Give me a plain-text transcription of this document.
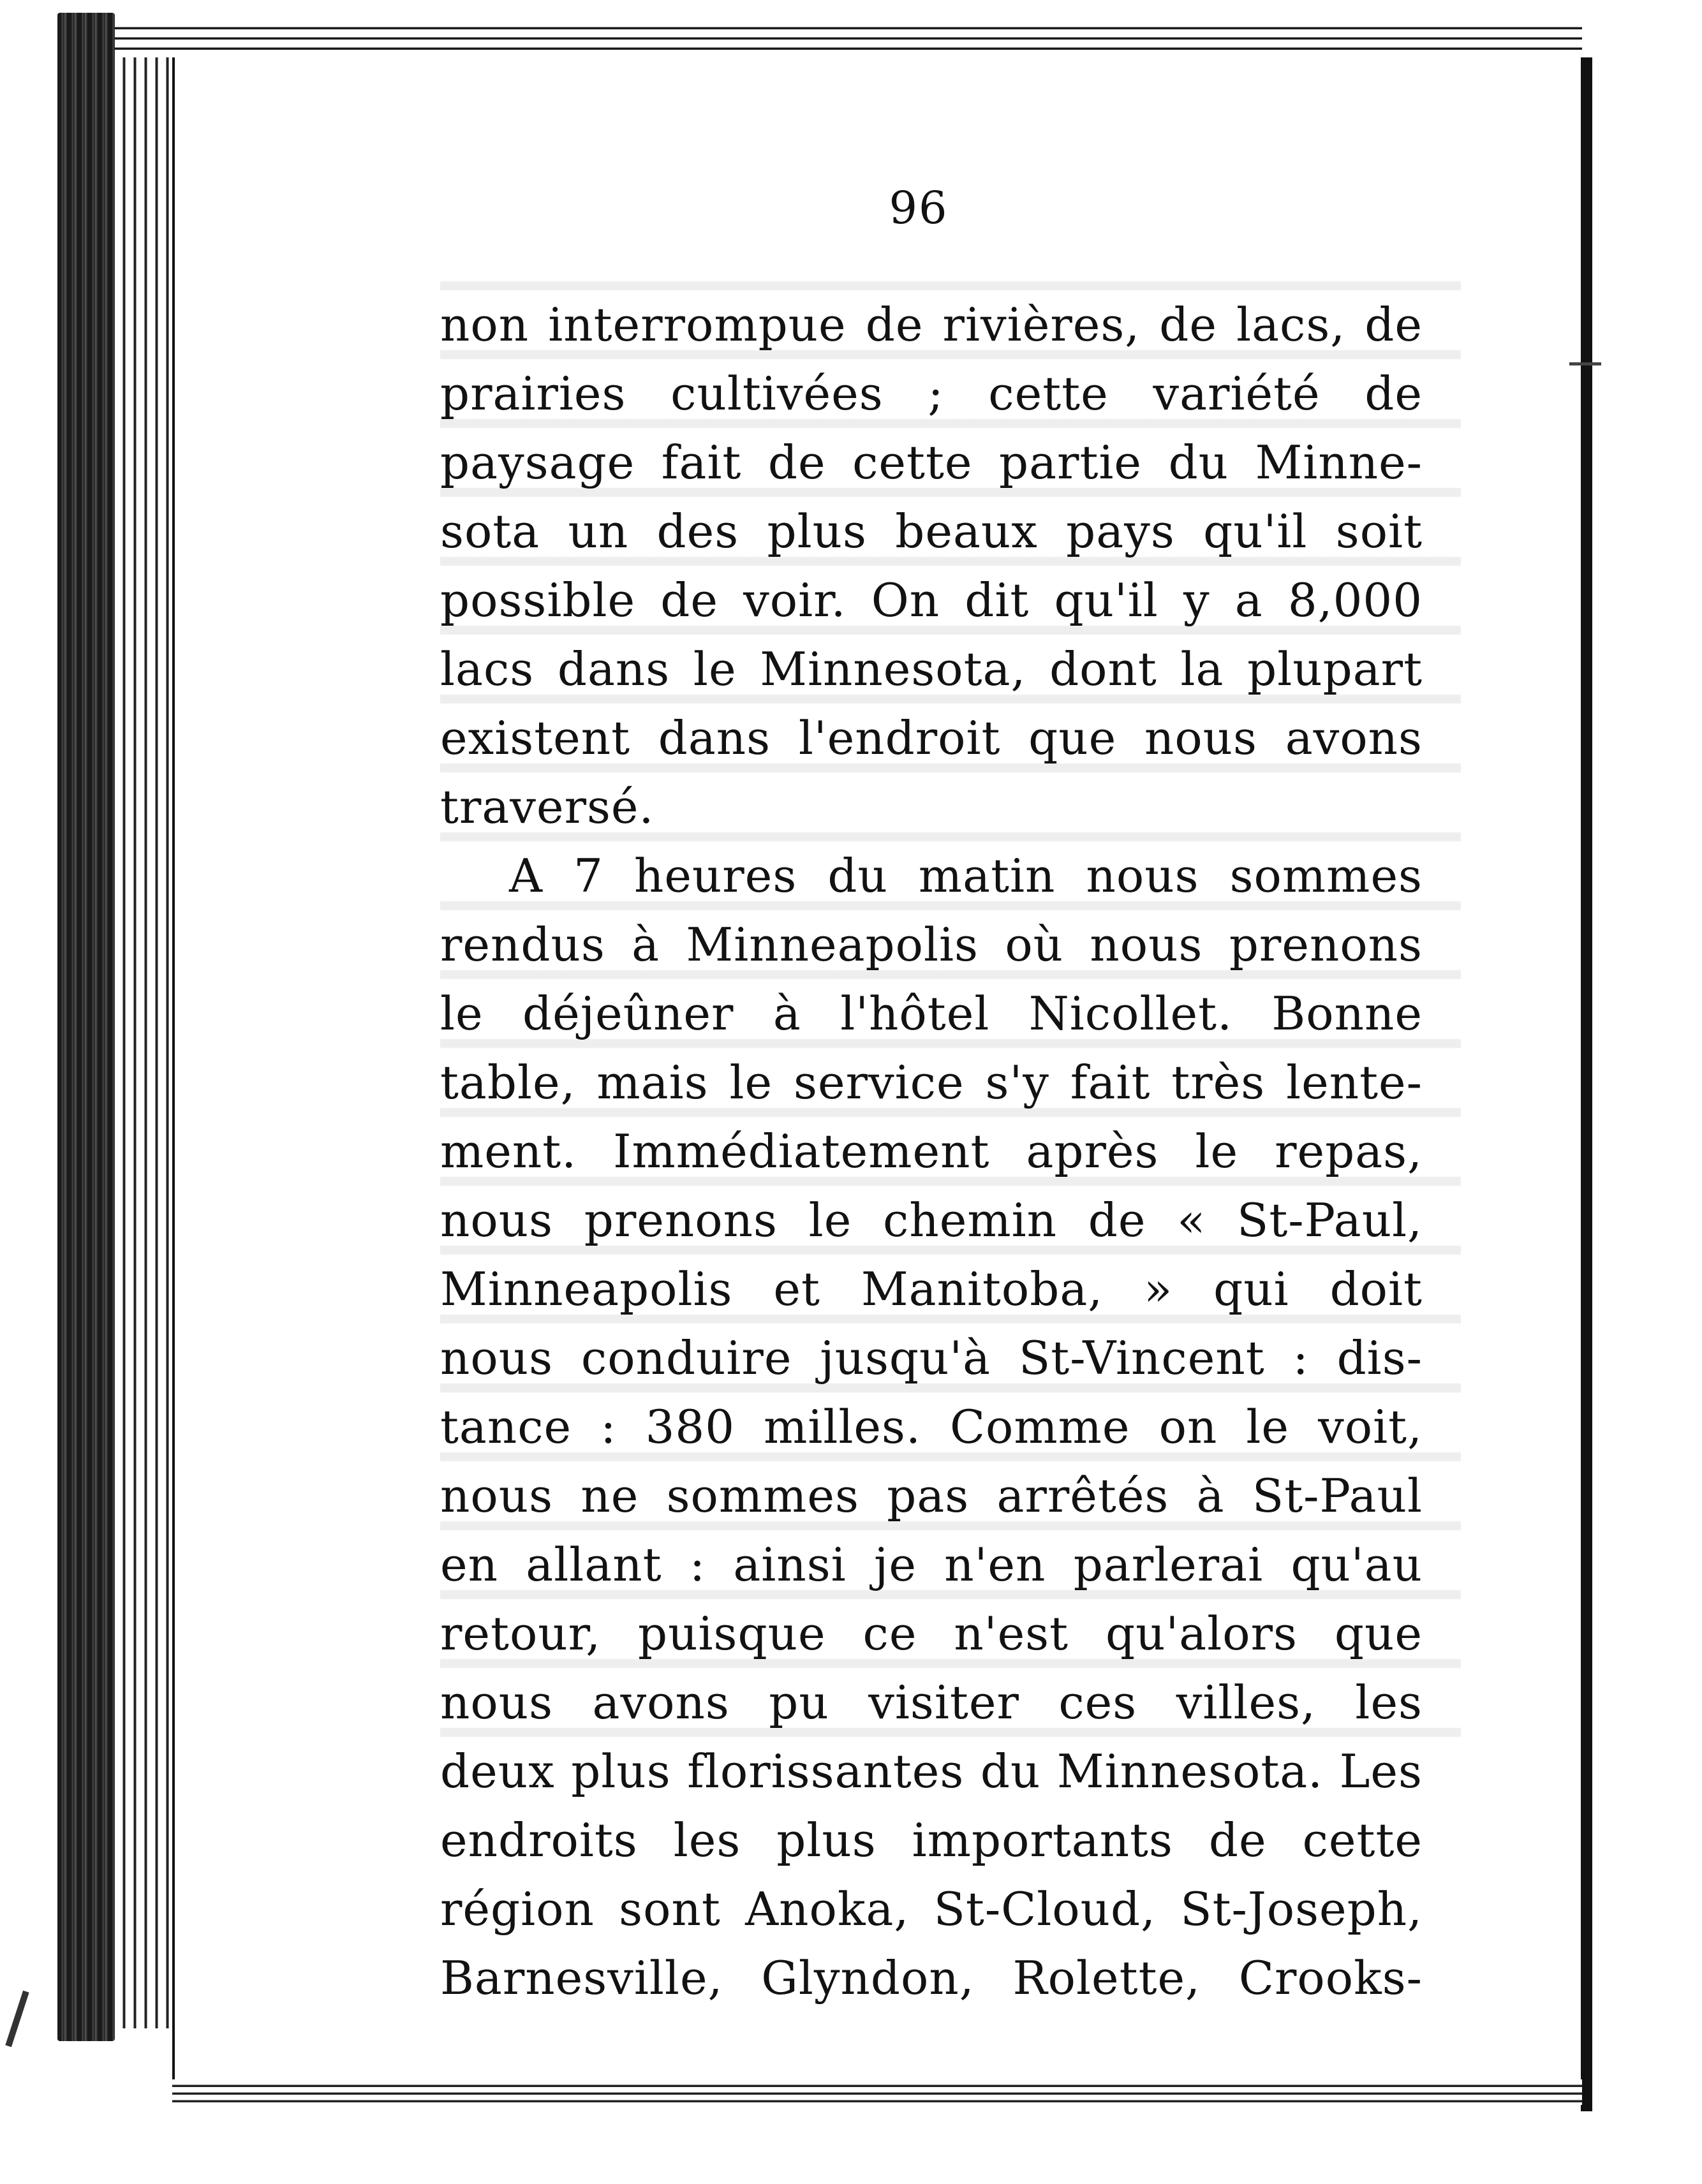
96
non interrompue de rivières, de lacs, de
prairies cultivées ; cette variété de
paysage fait de cette partie du Minne-
sota un des plus beaux pays qu'il soit
possible de voir. On dit qu'il y a 8,000
lacs dans le Minnesota, dont la plupart
existent dans l'endroit que nous avons
traversé.
A 7 heures du matin nous sommes
rendus à Minneapolis où nous prenons
le déjeûner à l'hôtel Nicollet. Bonne
table, mais le service s'y fait très lente-
ment. Immédiatement après le repas,
nous prenons le chemin de « St-Paul,
Minneapolis et Manitoba, » qui doit
nous conduire jusqu'à St-Vincent : dis-
tance : 380 milles. Comme on le voit,
nous ne sommes pas arrêtés à St-Paul
en allant : ainsi je n'en parlerai qu'au
retour, puisque ce n'est qu'alors que
nous avons pu visiter ces villes, les
deux plus florissantes du Minnesota. Les
endroits les plus importants de cette
région sont Anoka, St-Cloud, St-Joseph,
Barnesville, Glyndon, Rolette, Crooks-
